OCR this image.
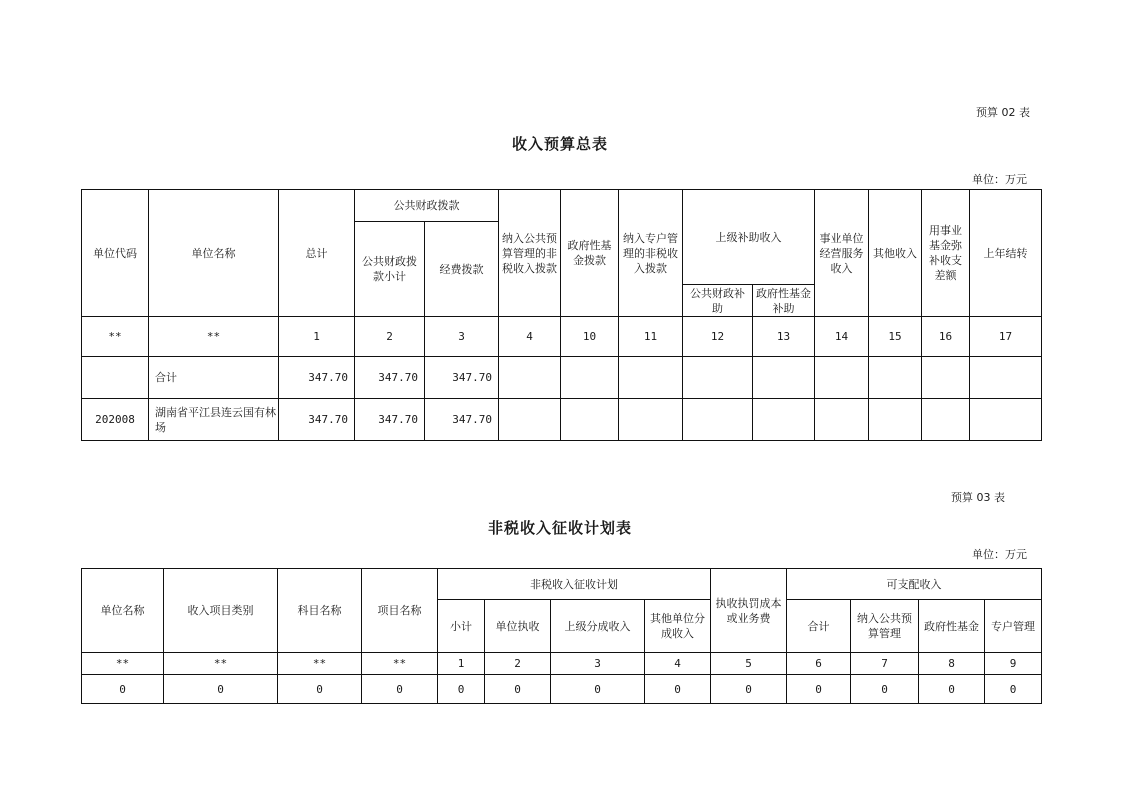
预算 02 表
收入预算总表
单位：万元
单位代码	单位名称	总计	公共财政拨款		纳入公共预算管理的非税收入拨款	政府性基金拨款	纳入专户管理的非税收入拨款	上级补助收入		事业单位经营服务收入	其他收入	用事业基金弥补收支差额	上年结转
			公共财政拨款小计	经费拨款									
								公共财政补助	政府性基金补助				
**	**	1	2	3	4	10	11	12	13	14	15	16	17
	合计	347.70	347.70	347.70									
202008	湖南省平江县连云国有林场	347.70	347.70	347.70									
预算 03 表
非税收入征收计划表
单位：万元
单位名称	收入项目类别	科目名称	项目名称	非税收入征收计划				执收执罚成本或业务费	可支配收入			
				小计	单位执收	上级分成收入	其他单位分成收入		合计	纳入公共预算管理	政府性基金	专户管理
**	**	**	**	1	2	3	4	5	6	7	8	9
0	0	0	0	0	0	0	0	0	0	0	0	0
